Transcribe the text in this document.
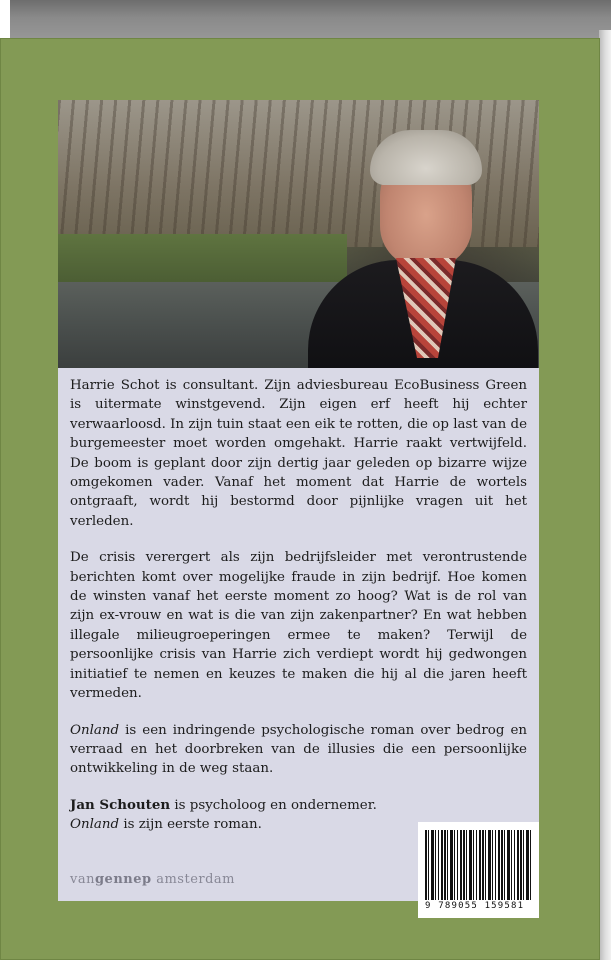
Harrie Schot is consultant. Zijn adviesbureau EcoBusiness Green is uitermate winstgevend. Zijn eigen erf heeft hij echter verwaarloosd. In zijn tuin staat een eik te rotten, die op last van de burgemeester moet worden omgehakt. Harrie raakt vertwijfeld. De boom is geplant door zijn dertig jaar geleden op bizarre wijze omgekomen vader. Vanaf het moment dat Harrie de wortels ontgraaft, wordt hij bestormd door pijnlijke vragen uit het verleden.

De crisis verergert als zijn bedrijfsleider met verontrustende berichten komt over mogelijke fraude in zijn bedrijf. Hoe komen de winsten vanaf het eerste moment zo hoog? Wat is de rol van zijn ex-vrouw en wat is die van zijn zakenpartner? En wat hebben illegale milieugroeperingen ermee te maken? Terwijl de persoonlijke crisis van Harrie zich verdiept wordt hij gedwongen initiatief te nemen en keuzes te maken die hij al die jaren heeft vermeden.

Onland is een indringende psychologische roman over bedrog en verraad en het doorbreken van de illusies die een persoonlijke ontwikkeling in de weg staan.

Jan Schouten is psycholoog en ondernemer.

Onland is zijn eerste roman.

vangennep amsterdam
9 789055 159581
